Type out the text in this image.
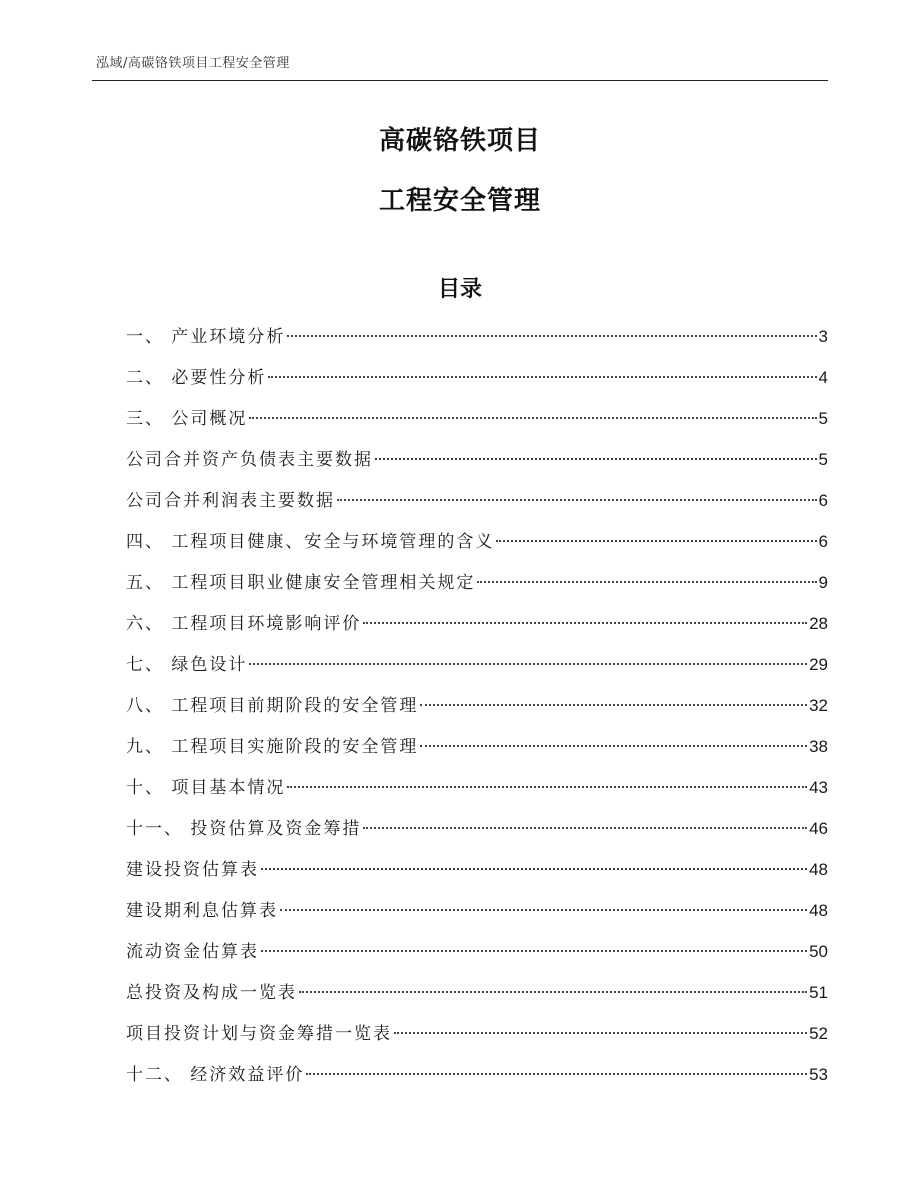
泓域/高碳铬铁项目工程安全管理
高碳铬铁项目
工程安全管理
目录
一、 产业环境分析	3
二、 必要性分析	4
三、 公司概况	5
公司合并资产负债表主要数据	5
公司合并利润表主要数据	6
四、 工程项目健康、安全与环境管理的含义	6
五、 工程项目职业健康安全管理相关规定	9
六、 工程项目环境影响评价	28
七、 绿色设计	29
八、 工程项目前期阶段的安全管理	32
九、 工程项目实施阶段的安全管理	38
十、 项目基本情况	43
十一、 投资估算及资金筹措	46
建设投资估算表	48
建设期利息估算表	48
流动资金估算表	50
总投资及构成一览表	51
项目投资计划与资金筹措一览表	52
十二、 经济效益评价	53
